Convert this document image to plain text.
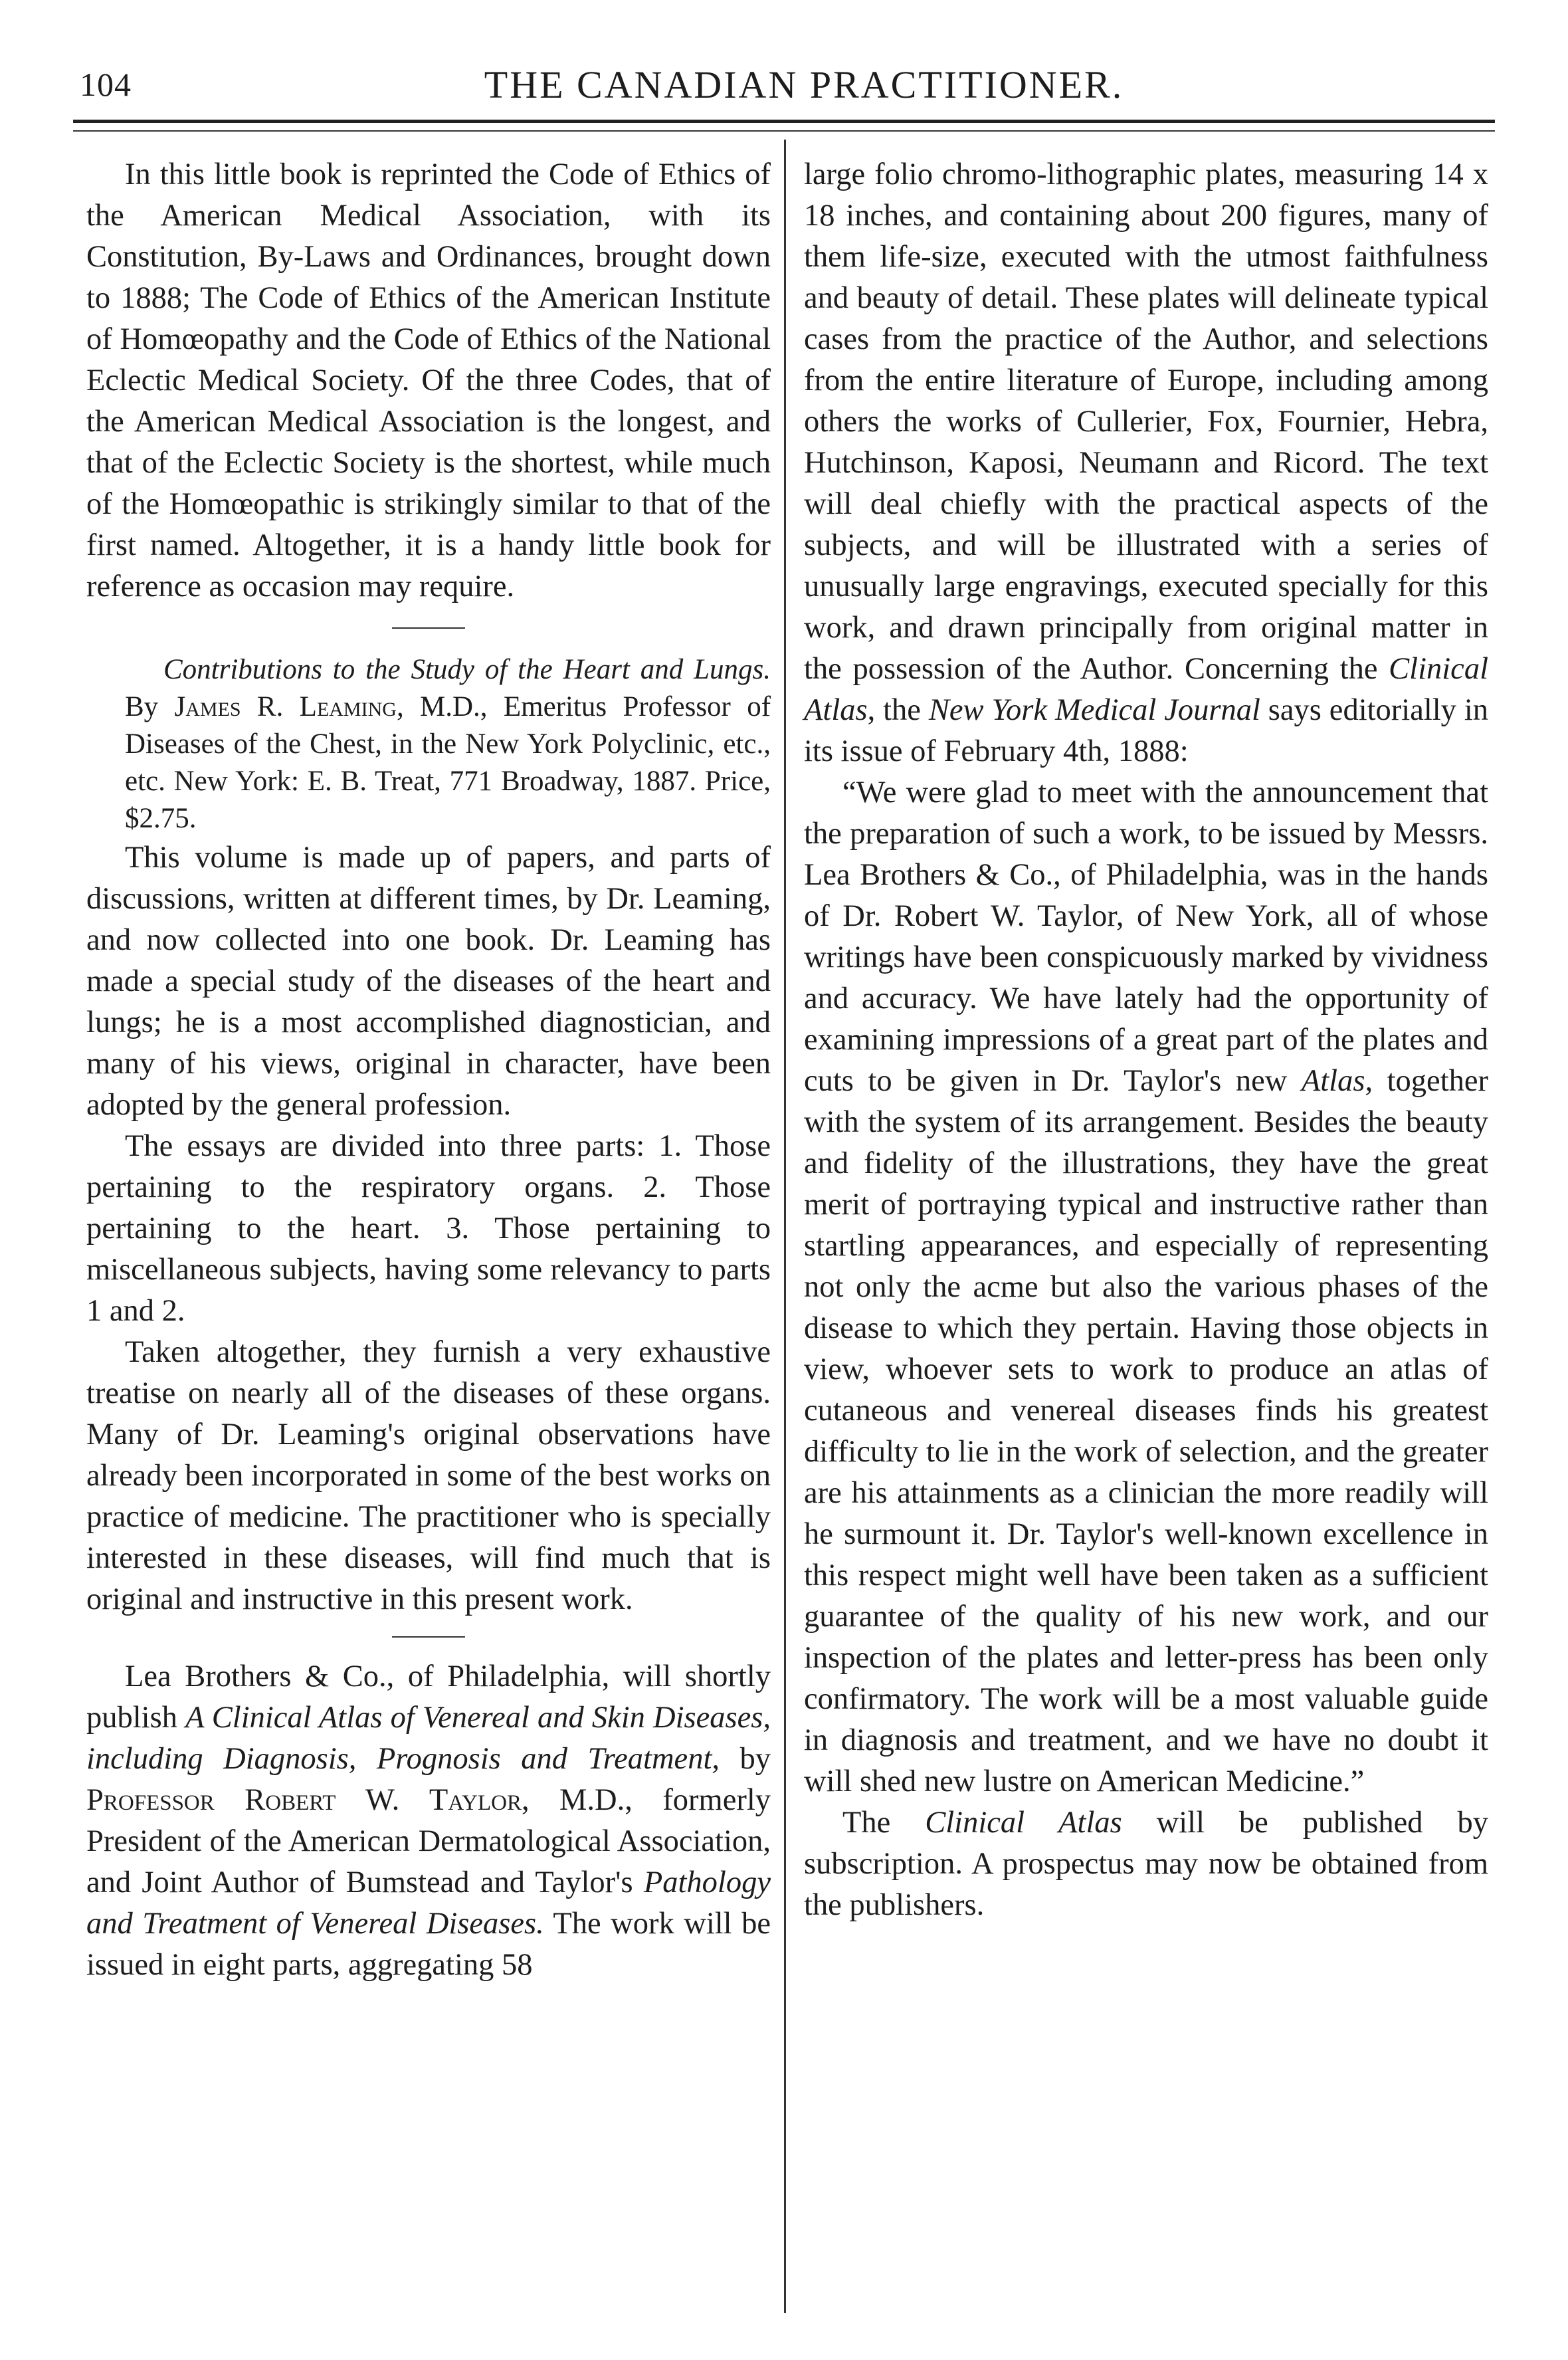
104	THE CANADIAN PRACTITIONER.

In this little book is reprinted the Code of Ethics of the American Medical Association, with its Constitution, By-Laws and Ordinances, brought down to 1888; The Code of Ethics of the American Institute of Homœopathy and the Code of Ethics of the National Eclectic Medical Society. Of the three Codes, that of the American Medical Association is the longest, and that of the Eclectic Society is the shortest, while much of the Homœopathic is strikingly similar to that of the first named. Altogether, it is a handy little book for reference as occasion may require.

Contributions to the Study of the Heart and Lungs. By James R. Leaming, M.D., Emeritus Professor of Diseases of the Chest, in the New York Polyclinic, etc., etc. New York: E. B. Treat, 771 Broadway, 1887. Price, $2.75.

This volume is made up of papers, and parts of discussions, written at different times, by Dr. Leaming, and now collected into one book. Dr. Leaming has made a special study of the diseases of the heart and lungs; he is a most accomplished diagnostician, and many of his views, original in character, have been adopted by the general profession.

The essays are divided into three parts: 1. Those pertaining to the respiratory organs. 2. Those pertaining to the heart. 3. Those pertaining to miscellaneous subjects, having some relevancy to parts 1 and 2.

Taken altogether, they furnish a very exhaustive treatise on nearly all of the diseases of these organs. Many of Dr. Leaming's original observations have already been incorporated in some of the best works on practice of medicine. The practitioner who is specially interested in these diseases, will find much that is original and instructive in this present work.

Lea Brothers & Co., of Philadelphia, will shortly publish A Clinical Atlas of Venereal and Skin Diseases, including Diagnosis, Prognosis and Treatment, by Professor Robert W. Taylor, M.D., formerly President of the American Dermatological Association, and Joint Author of Bumstead and Taylor's Pathology and Treatment of Venereal Diseases. The work will be issued in eight parts, aggregating 58

large folio chromo-lithographic plates, measuring 14 x 18 inches, and containing about 200 figures, many of them life-size, executed with the utmost faithfulness and beauty of detail. These plates will delineate typical cases from the practice of the Author, and selections from the entire literature of Europe, including among others the works of Cullerier, Fox, Fournier, Hebra, Hutchinson, Kaposi, Neumann and Ricord. The text will deal chiefly with the practical aspects of the subjects, and will be illustrated with a series of unusually large engravings, executed specially for this work, and drawn principally from original matter in the possession of the Author. Concerning the Clinical Atlas, the New York Medical Journal says editorially in its issue of February 4th, 1888:

“We were glad to meet with the announcement that the preparation of such a work, to be issued by Messrs. Lea Brothers & Co., of Philadelphia, was in the hands of Dr. Robert W. Taylor, of New York, all of whose writings have been conspicuously marked by vividness and accuracy. We have lately had the opportunity of examining impressions of a great part of the plates and cuts to be given in Dr. Taylor's new Atlas, together with the system of its arrangement. Besides the beauty and fidelity of the illustrations, they have the great merit of portraying typical and instructive rather than startling appearances, and especially of representing not only the acme but also the various phases of the disease to which they pertain. Having those objects in view, whoever sets to work to produce an atlas of cutaneous and venereal diseases finds his greatest difficulty to lie in the work of selection, and the greater are his attainments as a clinician the more readily will he surmount it. Dr. Taylor's well-known excellence in this respect might well have been taken as a sufficient guarantee of the quality of his new work, and our inspection of the plates and letter-press has been only confirmatory. The work will be a most valuable guide in diagnosis and treatment, and we have no doubt it will shed new lustre on American Medicine.”

The Clinical Atlas will be published by subscription. A prospectus may now be obtained from the publishers.
